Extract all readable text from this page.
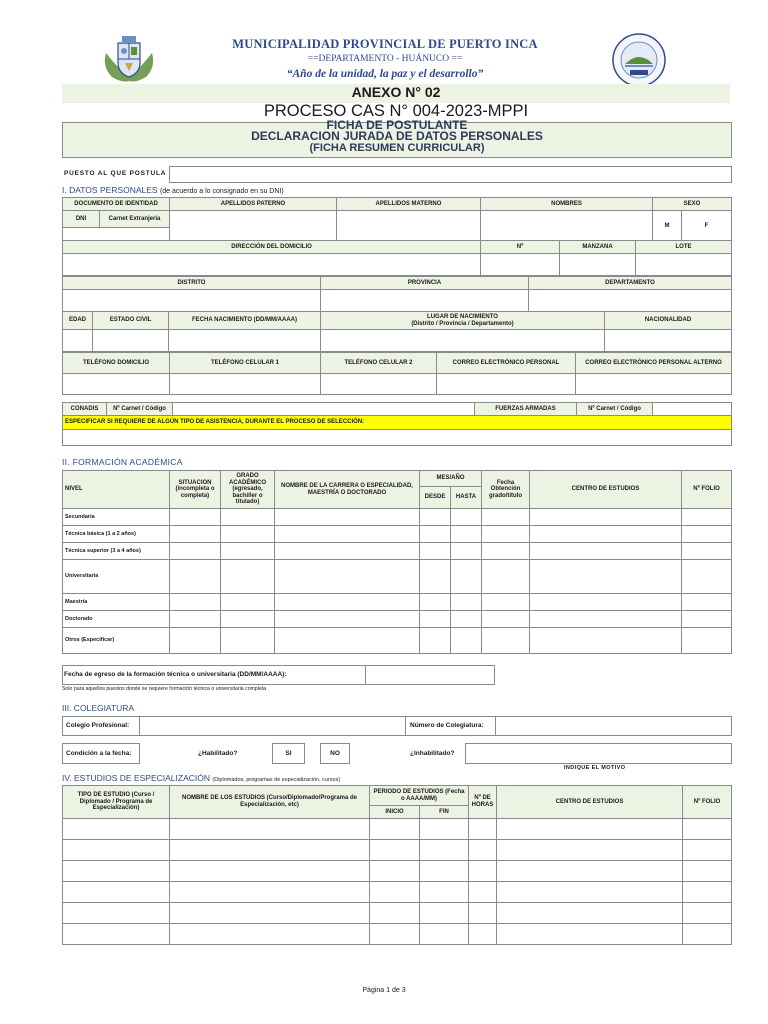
MUNICIPALIDAD PROVINCIAL DE PUERTO INCA
==DEPARTAMENTO - HUÁNUCO ==
“Año de la unidad, la paz y el desarrollo”
ANEXO N° 02
PROCESO CAS N° 004-2023-MPPI
FICHA DE POSTULANTE
DECLARACION JURADA DE DATOS PERSONALES
(FICHA RESUMEN CURRICULAR)
PUESTO AL QUE POSTULA
I. DATOS PERSONALES (de acuerdo a lo consignado en su DNI)
DOCUMENTO DE IDENTIDAD		APELLIDOS PATERNO	APELLIDOS MATERNO	NOMBRES	SEXO	
DNI	Carnet Extranjería				M	F

DIRECCIÓN DEL DOMICILIO	Nº	MANZANA	LOTE

DISTRITO	PROVINCIA	DEPARTAMENTO

EDAD	ESTADO CIVIL	FECHA NACIMIENTO (DD/MM/AAAA)	LUGAR DE NACIMIENTO
(Distrito / Provincia / Departamento)	NACIONALIDAD

TELÉFONO DOMICILIO	TELÉFONO CELULAR 1	TELÉFONO CELULAR 2	CORREO ELECTRÓNICO PERSONAL	CORREO ELECTRÓNICO PERSONAL ALTERNO

CONADIS	Nº Carnet / Código		FUERZAS ARMADAS	Nº Carnet / Código	
ESPECIFICAR SI REQUIERE DE ALGÚN TIPO DE ASISTENCIA, DURANTE EL PROCESO DE SELECCIÓN:

II. FORMACIÓN ACADÉMICA
NIVEL	SITUACION (incompleta o completa)	GRADO ACADÉMICO (egresado, bachiller o titulado)	NOMBRE DE LA CARRERA O ESPECIALIDAD, MAESTRÍA O DOCTORADO	MES/AÑO		Fecha Obtención grado/título	CENTRO DE ESTUDIOS	Nº FOLIO
				DESDE	HASTA			
Secundaria								
Técnica básica (1 a 2 años)								
Técnica superior (3 a 4 años)								
Universitaria								
Maestría								
Doctorado								
Otros (Especificar)								
Fecha de egreso de la formación técnica o universitaria (DD/MM/AAAA):
Solo para aquellos puestos donde se requiere formación técnica o universitaria completa
III. COLEGIATURA
Colegio Profesional:	Número de Colegiatura:
Condición a la fecha:	¿Habilitado?	SI	NO	¿Inhabilitado?
INDIQUE EL MOTIVO
IV. ESTUDIOS DE ESPECIALIZACIÓN (Diplomados, programas de especialización, cursos)
TIPO DE ESTUDIO (Curso / Diplomado / Programa de Especialización)	NOMBRE DE LOS ESTUDIOS (Curso/Diplomado/Programa de Especialización, etc)	PERIODO DE ESTUDIOS (Fecha o AAAA/MM)		Nº DE HORAS	CENTRO DE ESTUDIOS	Nº FOLIO
		INICIO	FIN			

Página 1 de 3
